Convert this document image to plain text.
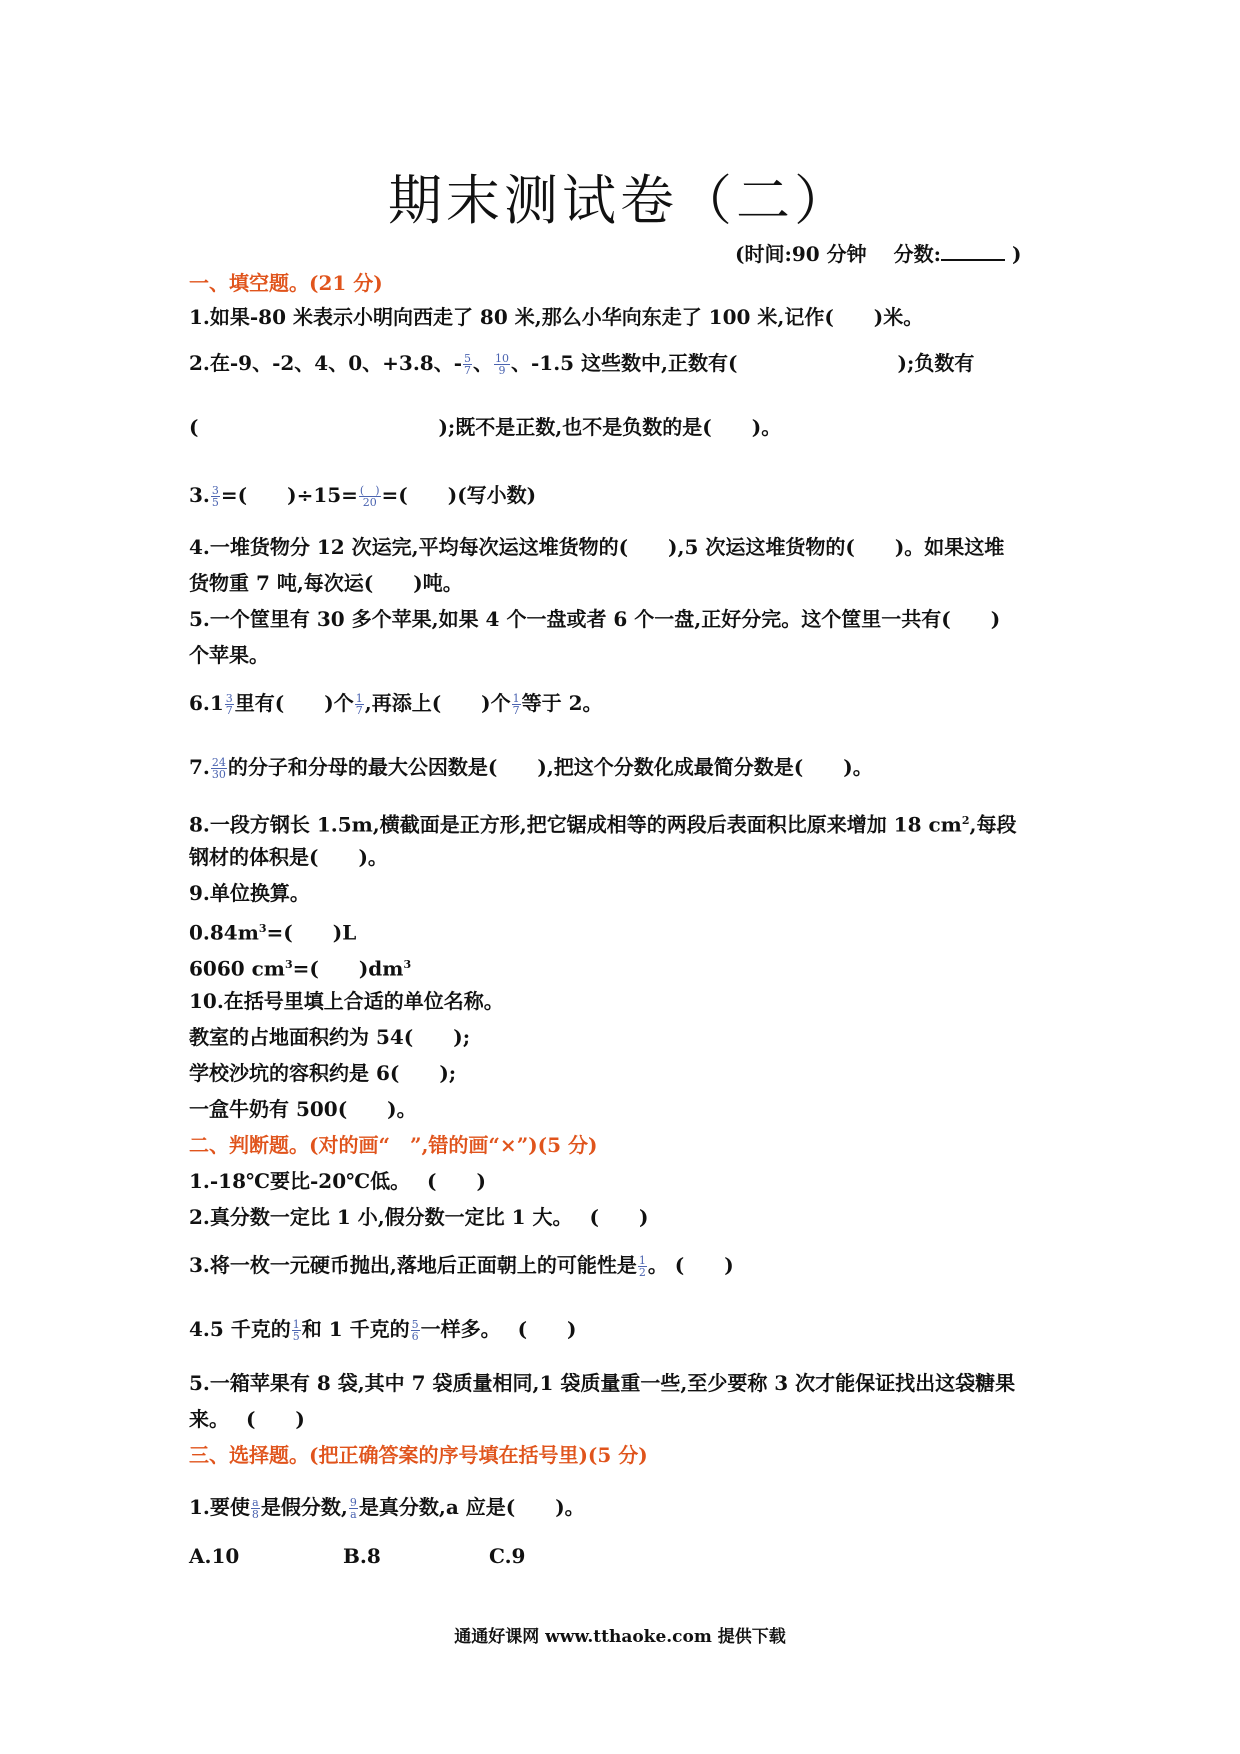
期末测试卷（二）
(时间:90 分钟　 分数:	)
一、填空题。(21 分)
1.如果-80 米表示小明向西走了 80 米,那么小华向东走了 100 米,记作(　　)米。
2.在-9、-2、4、0、+3.8、- $\frac{5}{7}$ 、 $\frac{10}{9}$ 、-1.5 这些数中,正数有(　　　　　　　　);负数有
(　　　　　　　　　　　　);既不是正数,也不是负数的是(　　)。
3. $\frac{3}{5}$ =(　　)$\div 15= \frac{( )}{20}$ =(　　)(写小数)
4.一堆货物分 12 次运完,平均每次运这堆货物的(　　),5 次运这堆货物的(　　)。如果这堆
货物重 7 吨,每次运(　　)吨。
5.一个筐里有 30 多个苹果,如果 4 个一盘或者 6 个一盘,正好分完。这个筐里一共有(　　)
个苹果。
$6.1 \frac{3}{7}$ 里有(　　)个 $\frac{1}{7}$ ,再添上(　　)个 $\frac{1}{7}$ 等于 2。
7. $\frac{24}{30}$ 的分子和分母的最大公因数是(　　),把这个分数化成最简分数是(　　)。
8.一段方钢长 1.5m,横截面是正方形,把它锯成相等的两段后表面积比原来增加 18 $cm^2$,每段
钢材的体积是(　　)。
9.单位换算。
$0.84m^3=$(　　)L
6060 $cm^3=$(　　)$dm^3$
10.在括号里填上合适的单位名称。
教室的占地面积约为 54(　　);
学校沙坑的容积约是 6(　　);
一盒牛奶有 500(　　)。
二、判断题。(对的画“　”,错的画“×”)(5 分)
1.-18℃要比-20℃低。　 (　　)
2.真分数一定比 1 小,假分数一定比 1 大。　 (　　)
3.将一枚一元硬币抛出,落地后正面朝上的可能性是 $\frac{1}{2}$ 。 (　　)
4.5 千克的 $\frac{1}{5}$ 和 1 千克的 $\frac{5}{6}$ 一样多。　 (　　)
5.一箱苹果有 8 袋,其中 7 袋质量相同,1 袋质量重一些,至少要称 3 次才能保证找出这袋糖果
来。　 (　　)
三、选择题。(把正确答案的序号填在括号里)(5 分)
1.要使 $\frac{a}{8}$ 是假分数, $\frac{9}{a}$ 是真分数,a 应是(　　)。
A.10	B.8	C.9
通通好课网 www.tthaoke.com 提供下载
